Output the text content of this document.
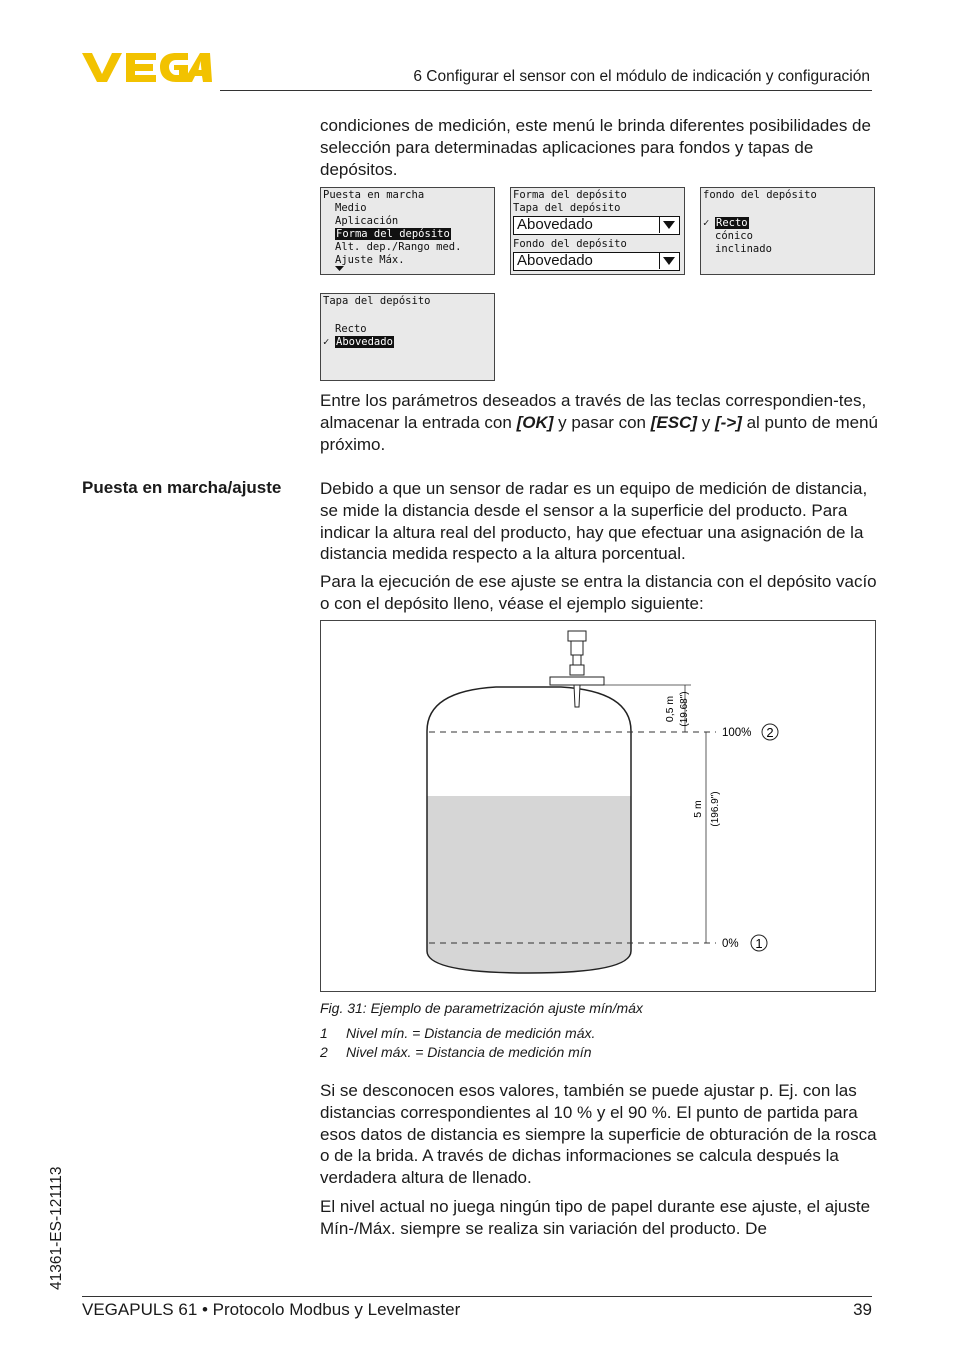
6 Configurar el sensor con el módulo de indicación y configuración
condiciones de medición, este menú le brinda diferentes posibilidades de selección para determinadas aplicaciones para fondos y tapas de depósitos.
Puesta en marcha
Medio
Aplicación
Forma del depósito
Alt. dep./Rango med.
Ajuste Máx.
Forma del depósito
Tapa del depósito
Abovedado
Fondo del depósito
Abovedado
fondo del depósito
✓ Recto
cónico
inclinado
Tapa del depósito
Recto
✓ Abovedado
Entre los parámetros deseados a través de las teclas correspondien-tes, almacenar la entrada con [OK] y pasar con [ESC] y [->] al punto de menú próximo.
Puesta en marcha/ajuste Debido a que un sensor de radar es un equipo de medición de distancia, se mide la distancia desde el sensor a la superficie del producto. Para indicar la altura real del producto, hay que efectuar una asignación de la distancia medida respecto a la altura porcentual.
Para la ejecución de ese ajuste se entra la distancia con el depósito vacío o con el depósito lleno, véase el ejemplo siguiente:
0,5 m (19.68")
5 m (196.9")
100%
0%
2
1
Fig. 31: Ejemplo de parametrización ajuste mín/máx
1 Nivel mín. = Distancia de medición máx.
2 Nivel máx. = Distancia de medición mín
Si se desconocen esos valores, también se puede ajustar p. Ej. con las distancias correspondientes al 10 % y el 90 %. El punto de partida para esos datos de distancia es siempre la superficie de obturación de la rosca o de la brida. A través de dichas informaciones se calcula después la verdadera altura de llenado.
El nivel actual no juega ningún tipo de papel durante ese ajuste, el ajuste Mín-/Máx. siempre se realiza sin variación del producto. De
41361-ES-121113
VEGAPULS 61 • Protocolo Modbus y Levelmaster	39
